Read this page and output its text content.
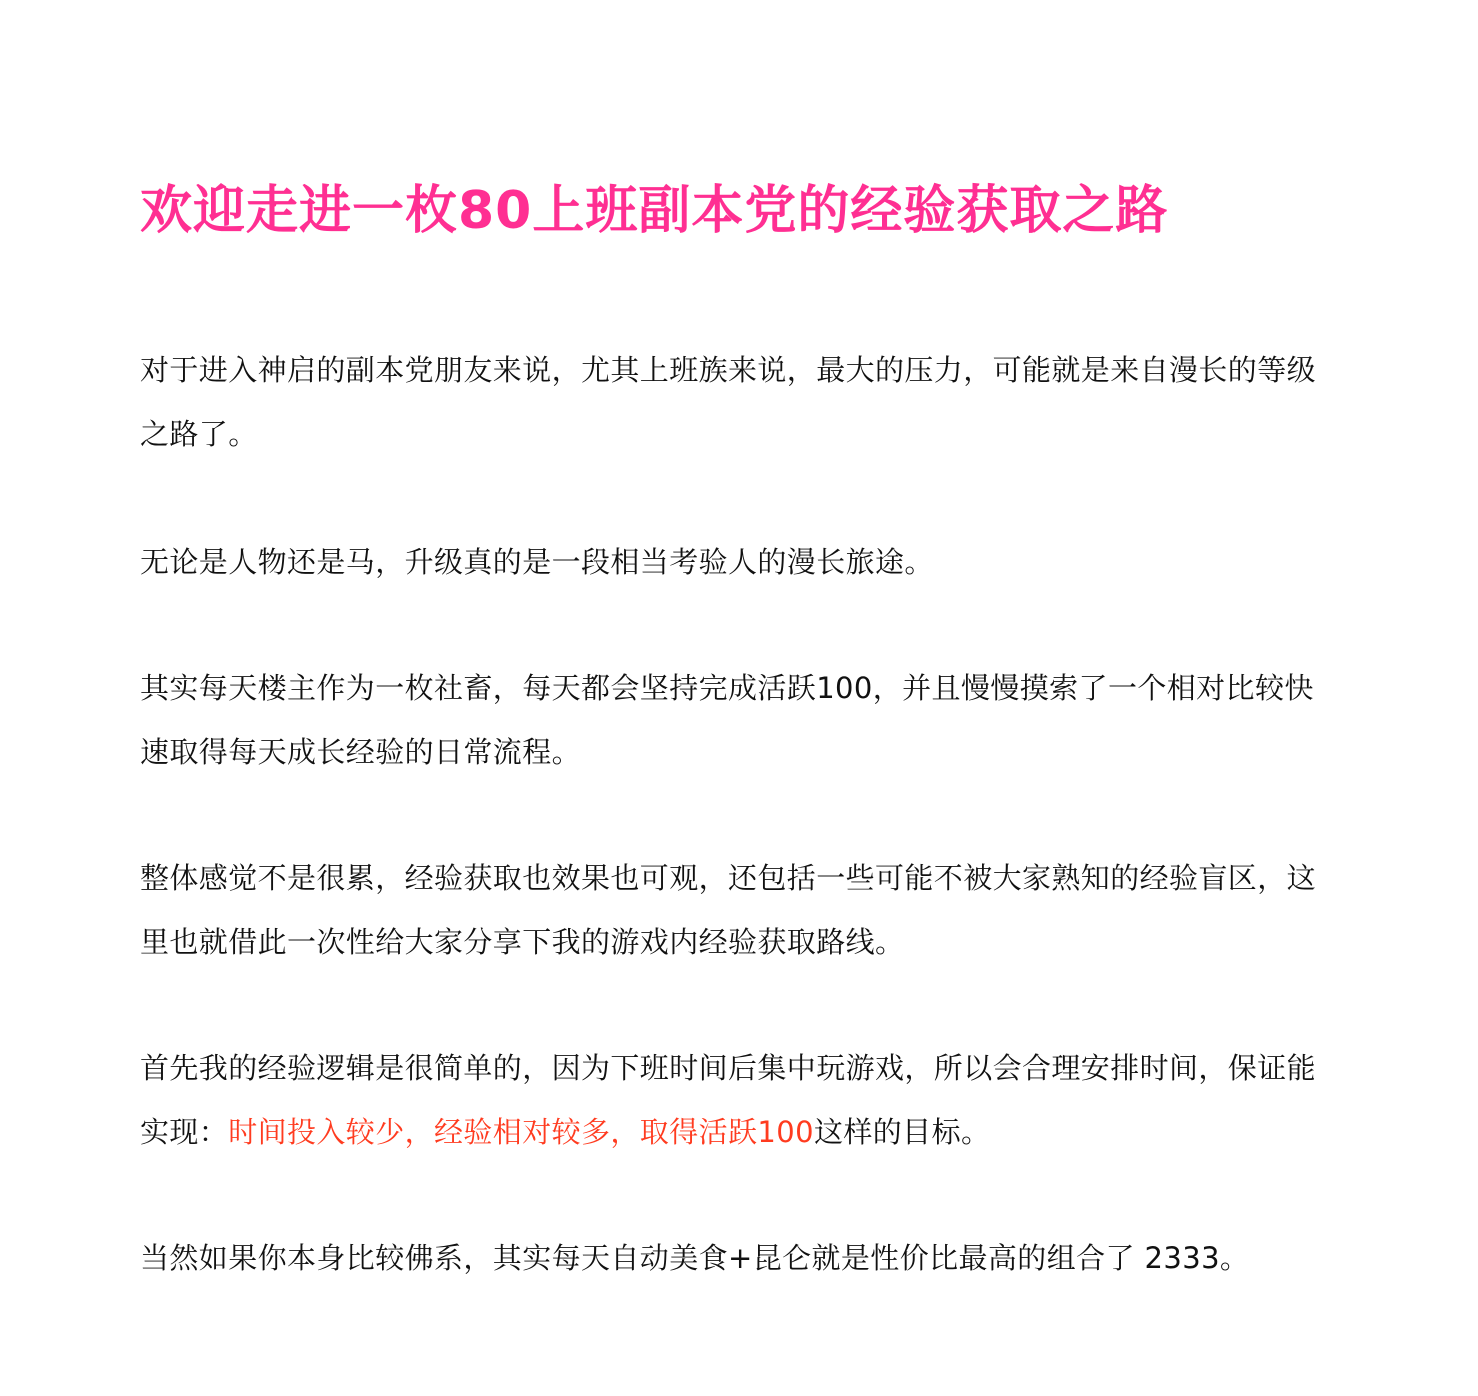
欢迎走进一枚80上班副本党的经验获取之路

对于进入神启的副本党朋友来说，尤其上班族来说，最大的压力，可能就是来自漫长的等级之路了。

无论是人物还是马，升级真的是一段相当考验人的漫长旅途。

其实每天楼主作为一枚社畜，每天都会坚持完成活跃100，并且慢慢摸索了一个相对比较快速取得每天成长经验的日常流程。

整体感觉不是很累，经验获取也效果也可观，还包括一些可能不被大家熟知的经验盲区，这里也就借此一次性给大家分享下我的游戏内经验获取路线。

首先我的经验逻辑是很简单的，因为下班时间后集中玩游戏，所以会合理安排时间，保证能实现：时间投入较少，经验相对较多，取得活跃100这样的目标。

当然如果你本身比较佛系，其实每天自动美食+昆仑就是性价比最高的组合了 2333。
